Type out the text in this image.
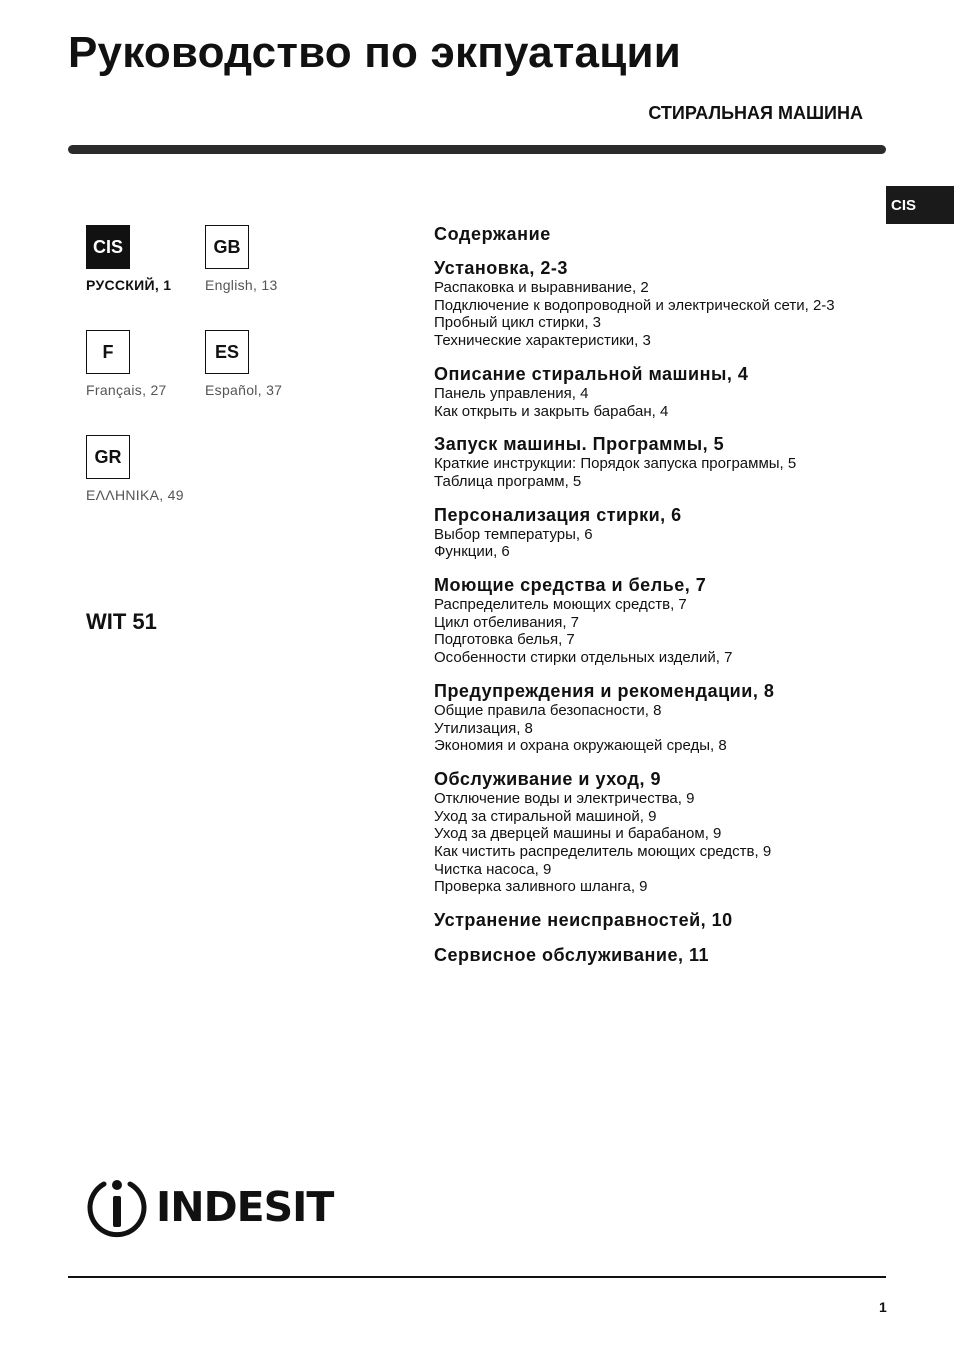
Руководство по экпуатации
СТИРАЛЬНАЯ МАШИНА
CIS
CIS
РУССКИЙ, 1
GB
English, 13
F
Français, 27
ES
Español, 37
GR
ΕΛΛΗΝΙΚΑ, 49
WIT 51
Содержание
Установка, 2-3
Распаковка и выравнивание, 2
Подключение к водопроводной и электрической сети, 2-3
Пробный цикл стирки, 3
Технические характеристики, 3
Описание стиральной машины, 4
Панель управления, 4
Как открыть и закрыть барабан, 4
Запуск машины. Программы, 5
Краткие инструкции: Порядок запуска программы, 5
Таблица программ, 5
Персонализация стирки, 6
Выбор температуры, 6
Функции, 6
Моющие средства и белье, 7
Распределитель моющих средств, 7
Цикл отбеливания, 7
Подготовка белья, 7
Особенности стирки отдельных изделий, 7
Предупреждения и рекомендации, 8
Общие правила безопасности, 8
Утилизация, 8
Экономия и охрана окружающей среды, 8
Обслуживание и уход, 9
Отключение воды и электричества, 9
Уход за стиральной машиной, 9
Уход за дверцей машины и барабаном, 9
Как чистить распределитель моющих средств, 9
Чистка насоса, 9
Проверка заливного шланга, 9
Устранение неисправностей, 10
Сервисное обслуживание, 11
INDESIT
1
